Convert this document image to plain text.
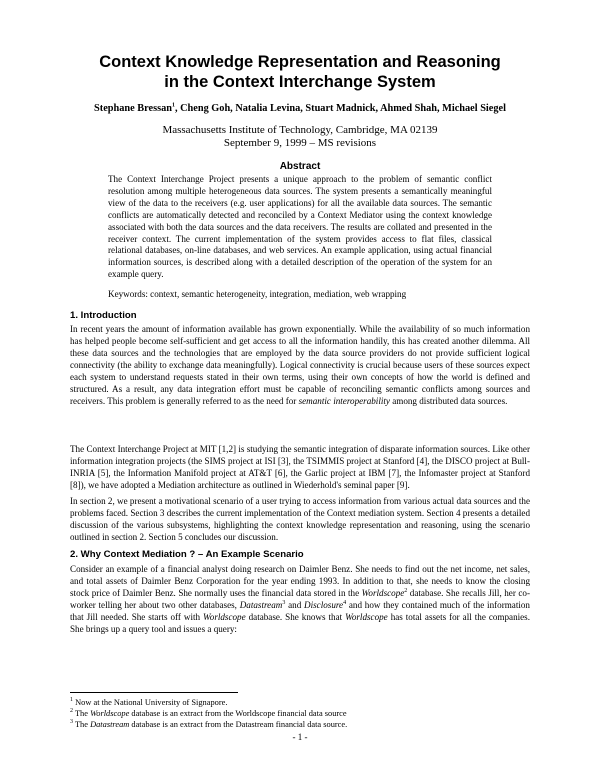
Context Knowledge Representation and Reasoning
in the Context Interchange System
Stephane Bressan$^1$, Cheng Goh, Natalia Levina, Stuart Madnick, Ahmed Shah, Michael Siegel
Massachusetts Institute of Technology, Cambridge, MA 02139
September 9, 1999 – MS revisions
Abstract
The Context Interchange Project presents a unique approach to the problem of semantic conflict resolution among multiple heterogeneous data sources. The system presents a semantically meaningful view of the data to the receivers (e.g. user applications) for all the available data sources. The semantic conflicts are automatically detected and reconciled by a Context Mediator using the context knowledge associated with both the data sources and the data receivers. The results are collated and presented in the receiver context. The current implementation of the system provides access to flat files, classical relational databases, on-line databases, and web services. An example application, using actual financial information sources, is described along with a detailed description of the operation of the system for an example query.
Keywords: context, semantic heterogeneity, integration, mediation, web wrapping
1. Introduction
In recent years the amount of information available has grown exponentially. While the availability of so much information has helped people become self-sufficient and get access to all the information handily, this has created another dilemma. All these data sources and the technologies that are employed by the data source providers do not provide sufficient logical connectivity (the ability to exchange data meaningfully). Logical connectivity is crucial because users of these sources expect each system to understand requests stated in their own terms, using their own concepts of how the world is defined and structured. As a result, any data integration effort must be capable of reconciling semantic conflicts among sources and receivers. This problem is generally referred to as the need for semantic interoperability among distributed data sources.
The Context Interchange Project at MIT [1,2] is studying the semantic integration of disparate information sources. Like other information integration projects (the SIMS project at ISI [3], the TSIMMIS project at Stanford [4], the DISCO project at Bull-INRIA [5], the Information Manifold project at AT&T [6], the Garlic project at IBM [7], the Infomaster project at Stanford [8]), we have adopted a Mediation architecture as outlined in Wiederhold's seminal paper [9].
In section 2, we present a motivational scenario of a user trying to access information from various actual data sources and the problems faced. Section 3 describes the current implementation of the Context mediation system. Section 4 presents a detailed discussion of the various subsystems, highlighting the context knowledge representation and reasoning, using the scenario outlined in section 2. Section 5 concludes our discussion.
2. Why Context Mediation ? – An Example Scenario
Consider an example of a financial analyst doing research on Daimler Benz. She needs to find out the net income, net sales, and total assets of Daimler Benz Corporation for the year ending 1993. In addition to that, she needs to know the closing stock price of Daimler Benz. She normally uses the financial data stored in the Worldscope$^2$ database. She recalls Jill, her co-worker telling her about two other databases, Datastream$^3$ and Disclosure$^4$ and how they contained much of the information that Jill needed. She starts off with Worldscope database. She knows that Worldscope has total assets for all the companies. She brings up a query tool and issues a query:
$^1$ Now at the National University of Signapore.
$^2$ The Worldscope database is an extract from the Worldscope financial data source
$^3$ The Datastream database is an extract from the Datastream financial data source.
- 1 -
